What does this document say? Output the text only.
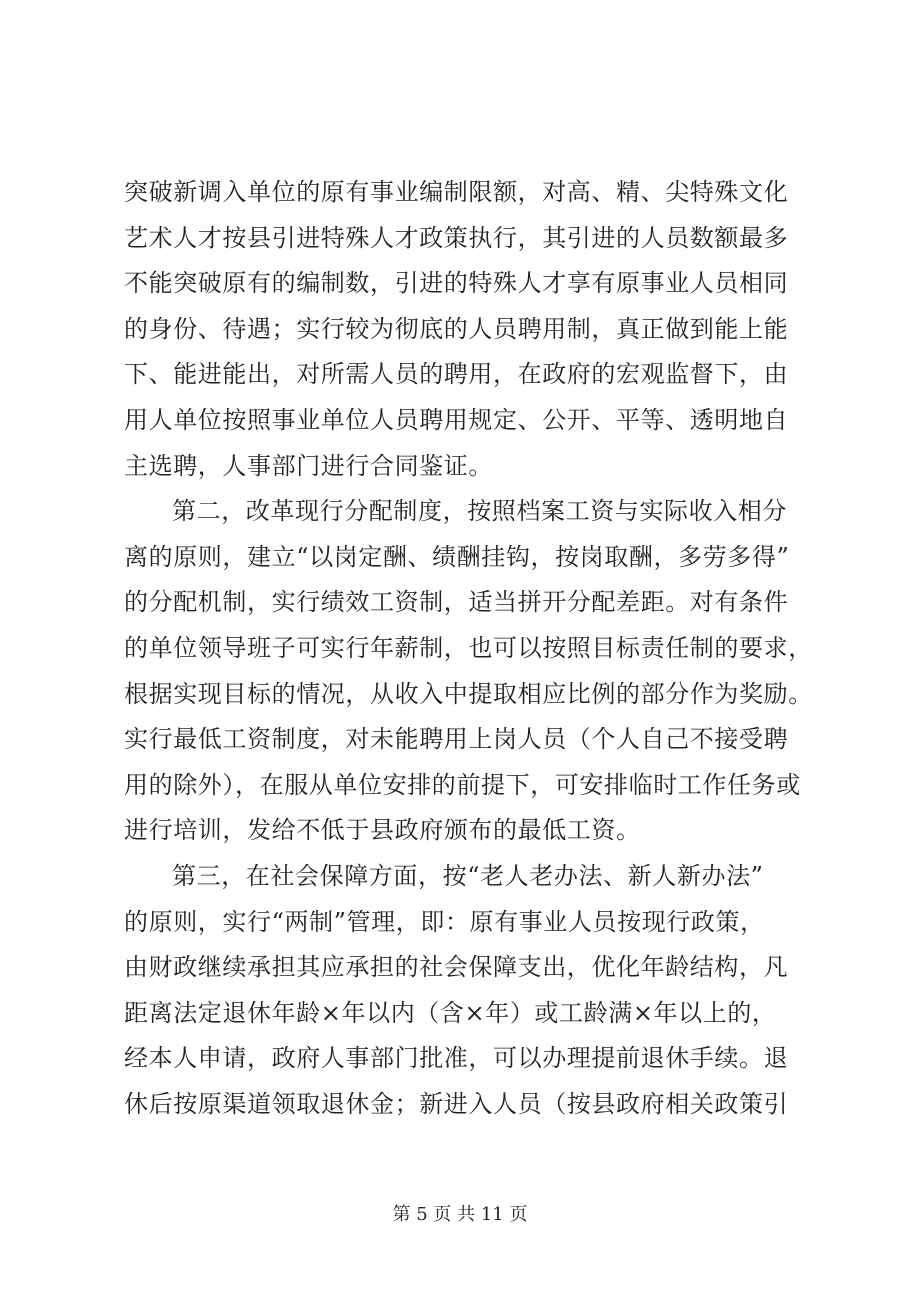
突破新调入单位的原有事业编制限额，对高、精、尖特殊文化
艺术人才按县引进特殊人才政策执行，其引进的人员数额最多
不能突破原有的编制数，引进的特殊人才享有原事业人员相同
的身份、待遇；实行较为彻底的人员聘用制，真正做到能上能
下、能进能出，对所需人员的聘用，在政府的宏观监督下，由
用人单位按照事业单位人员聘用规定、公开、平等、透明地自
主选聘，人事部门进行合同鉴证。
第二，改革现行分配制度，按照档案工资与实际收入相分
离的原则，建立“以岗定酬、绩酬挂钩，按岗取酬，多劳多得”
的分配机制，实行绩效工资制，适当拼开分配差距。对有条件
的单位领导班子可实行年薪制，也可以按照目标责任制的要求，
根据实现目标的情况，从收入中提取相应比例的部分作为奖励。
实行最低工资制度，对未能聘用上岗人员（个人自己不接受聘
用的除外），在服从单位安排的前提下，可安排临时工作任务或
进行培训，发给不低于县政府颁布的最低工资。
第三，在社会保障方面，按“老人老办法、新人新办法”
的原则，实行“两制”管理，即：原有事业人员按现行政策，
由财政继续承担其应承担的社会保障支出，优化年龄结构，凡
距离法定退休年龄×年以内（含×年）或工龄满×年以上的，
经本人申请，政府人事部门批准，可以办理提前退休手续。退
休后按原渠道领取退休金；新进入人员（按县政府相关政策引
第 5 页 共 11 页
